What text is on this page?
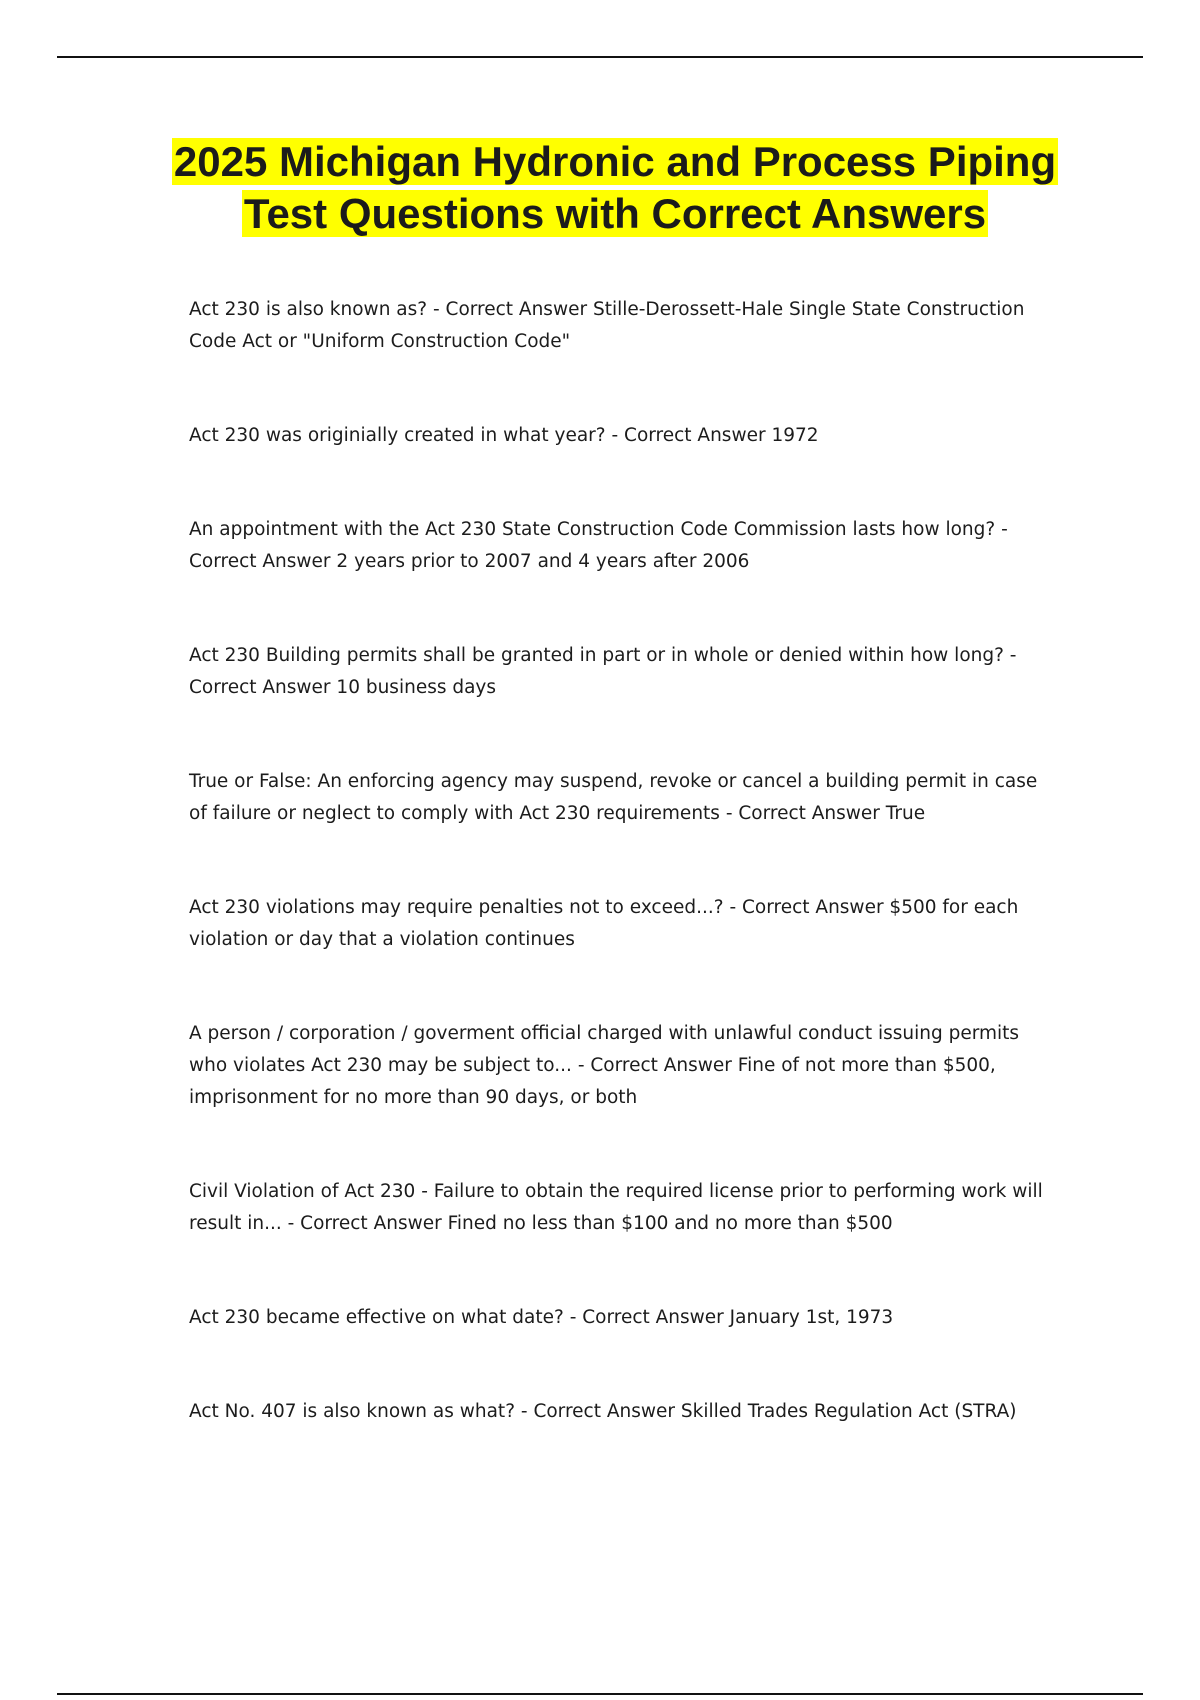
2025 Michigan Hydronic and Process Piping Test Questions with Correct Answers
Act 230 is also known as? - Correct Answer Stille-Derossett-Hale Single State Construction Code Act or "Uniform Construction Code"
Act 230 was originially created in what year? - Correct Answer 1972
An appointment with the Act 230 State Construction Code Commission lasts how long? - Correct Answer 2 years prior to 2007 and 4 years after 2006
Act 230 Building permits shall be granted in part or in whole or denied within how long? - Correct Answer 10 business days
True or False: An enforcing agency may suspend, revoke or cancel a building permit in case of failure or neglect to comply with Act 230 requirements - Correct Answer True
Act 230 violations may require penalties not to exceed...? - Correct Answer $500 for each violation or day that a violation continues
A person / corporation / goverment official charged with unlawful conduct issuing permits who violates Act 230 may be subject to... - Correct Answer Fine of not more than $500, imprisonment for no more than 90 days, or both
Civil Violation of Act 230 - Failure to obtain the required license prior to performing work will result in... - Correct Answer Fined no less than $100 and no more than $500
Act 230 became effective on what date? - Correct Answer January 1st, 1973
Act No. 407 is also known as what? - Correct Answer Skilled Trades Regulation Act (STRA)
